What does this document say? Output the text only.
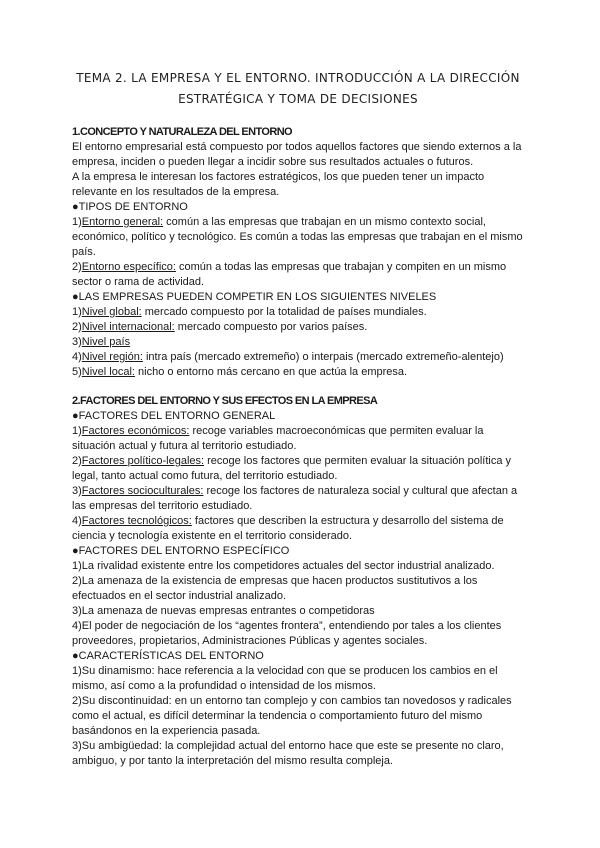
TEMA 2. LA EMPRESA Y EL ENTORNO. INTRODUCCIÓN A LA DIRECCIÓN
ESTRATÉGICA Y TOMA DE DECISIONES
1.CONCEPTO Y NATURALEZA DEL ENTORNO

El entorno empresarial está compuesto por todos aquellos factores que siendo externos a la empresa, inciden o pueden llegar a incidir sobre sus resultados actuales o futuros.

A la empresa le interesan los factores estratégicos, los que pueden tener un impacto relevante en los resultados de la empresa.

●TIPOS DE ENTORNO

1)Entorno general: común a las empresas que trabajan en un mismo contexto social, económico, político y tecnológico. Es común a todas las empresas que trabajan en el mismo país.

2)Entorno específico: común a todas las empresas que trabajan y compiten en un mismo sector o rama de actividad.

●LAS EMPRESAS PUEDEN COMPETIR EN LOS SIGUIENTES NIVELES

1)Nivel global: mercado compuesto por la totalidad de países mundiales.

2)Nivel internacional: mercado compuesto por varios países.

3)Nivel país

4)Nivel región: intra país (mercado extremeño) o interpais (mercado extremeño-alentejo)

5)Nivel local: nicho o entorno más cercano en que actúa la empresa.

2.FACTORES DEL ENTORNO Y SUS EFECTOS EN LA EMPRESA

●FACTORES DEL ENTORNO GENERAL

1)Factores económicos: recoge variables macroeconómicas que permiten evaluar la situación actual y futura al territorio estudiado.

2)Factores político-legales: recoge los factores que permiten evaluar la situación política y legal, tanto actual como futura, del territorio estudiado.

3)Factores socioculturales: recoge los factores de naturaleza social y cultural que afectan a las empresas del territorio estudiado.

4)Factores tecnológicos: factores que describen la estructura y desarrollo del sistema de ciencia y tecnología existente en el territorio considerado.

●FACTORES DEL ENTORNO ESPECÍFICO

1)La rivalidad existente entre los competidores actuales del sector industrial analizado.

2)La amenaza de la existencia de empresas que hacen productos sustitutivos a los efectuados en el sector industrial analizado.

3)La amenaza de nuevas empresas entrantes o competidoras

4)El poder de negociación de los “agentes frontera”, entendiendo por tales a los clientes proveedores, propietarios, Administraciones Públicas y agentes sociales.

●CARACTERÍSTICAS DEL ENTORNO

1)Su dinamismo: hace referencia a la velocidad con que se producen los cambios en el mismo, así como a la profundidad o intensidad de los mismos.

2)Su discontinuidad: en un entorno tan complejo y con cambios tan novedosos y radicales como el actual, es difícil determinar la tendencia o comportamiento futuro del mismo basándonos en la experiencia pasada.

3)Su ambigüedad: la complejidad actual del entorno hace que este se presente no claro, ambiguo, y por tanto la interpretación del mismo resulta compleja.
